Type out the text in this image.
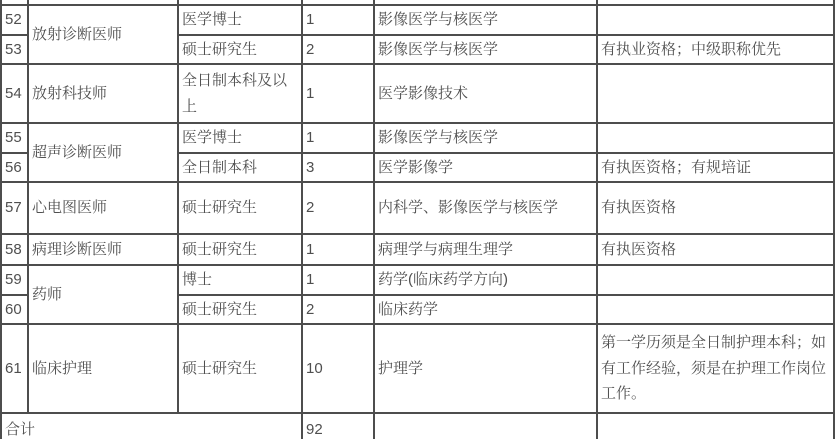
52	放射诊断医师	医学博士	1	影像医学与核医学	
53		硕士研究生	2	影像医学与核医学	有执业资格；中级职称优先
54	放射科技师	全日制本科及以上	1	医学影像技术	
55	超声诊断医师	医学博士	1	影像医学与核医学	
56		全日制本科	3	医学影像学	有执医资格；有规培证
57	心电图医师	硕士研究生	2	内科学、影像医学与核医学	有执医资格
58	病理诊断医师	硕士研究生	1	病理学与病理生理学	有执医资格
59	药师	博士	1	药学(临床药学方向)	
60		硕士研究生	2	临床药学	
61	临床护理	硕士研究生	10	护理学	第一学历须是全日制护理本科；如有工作经验，须是在护理工作岗位工作。
合计			92		
